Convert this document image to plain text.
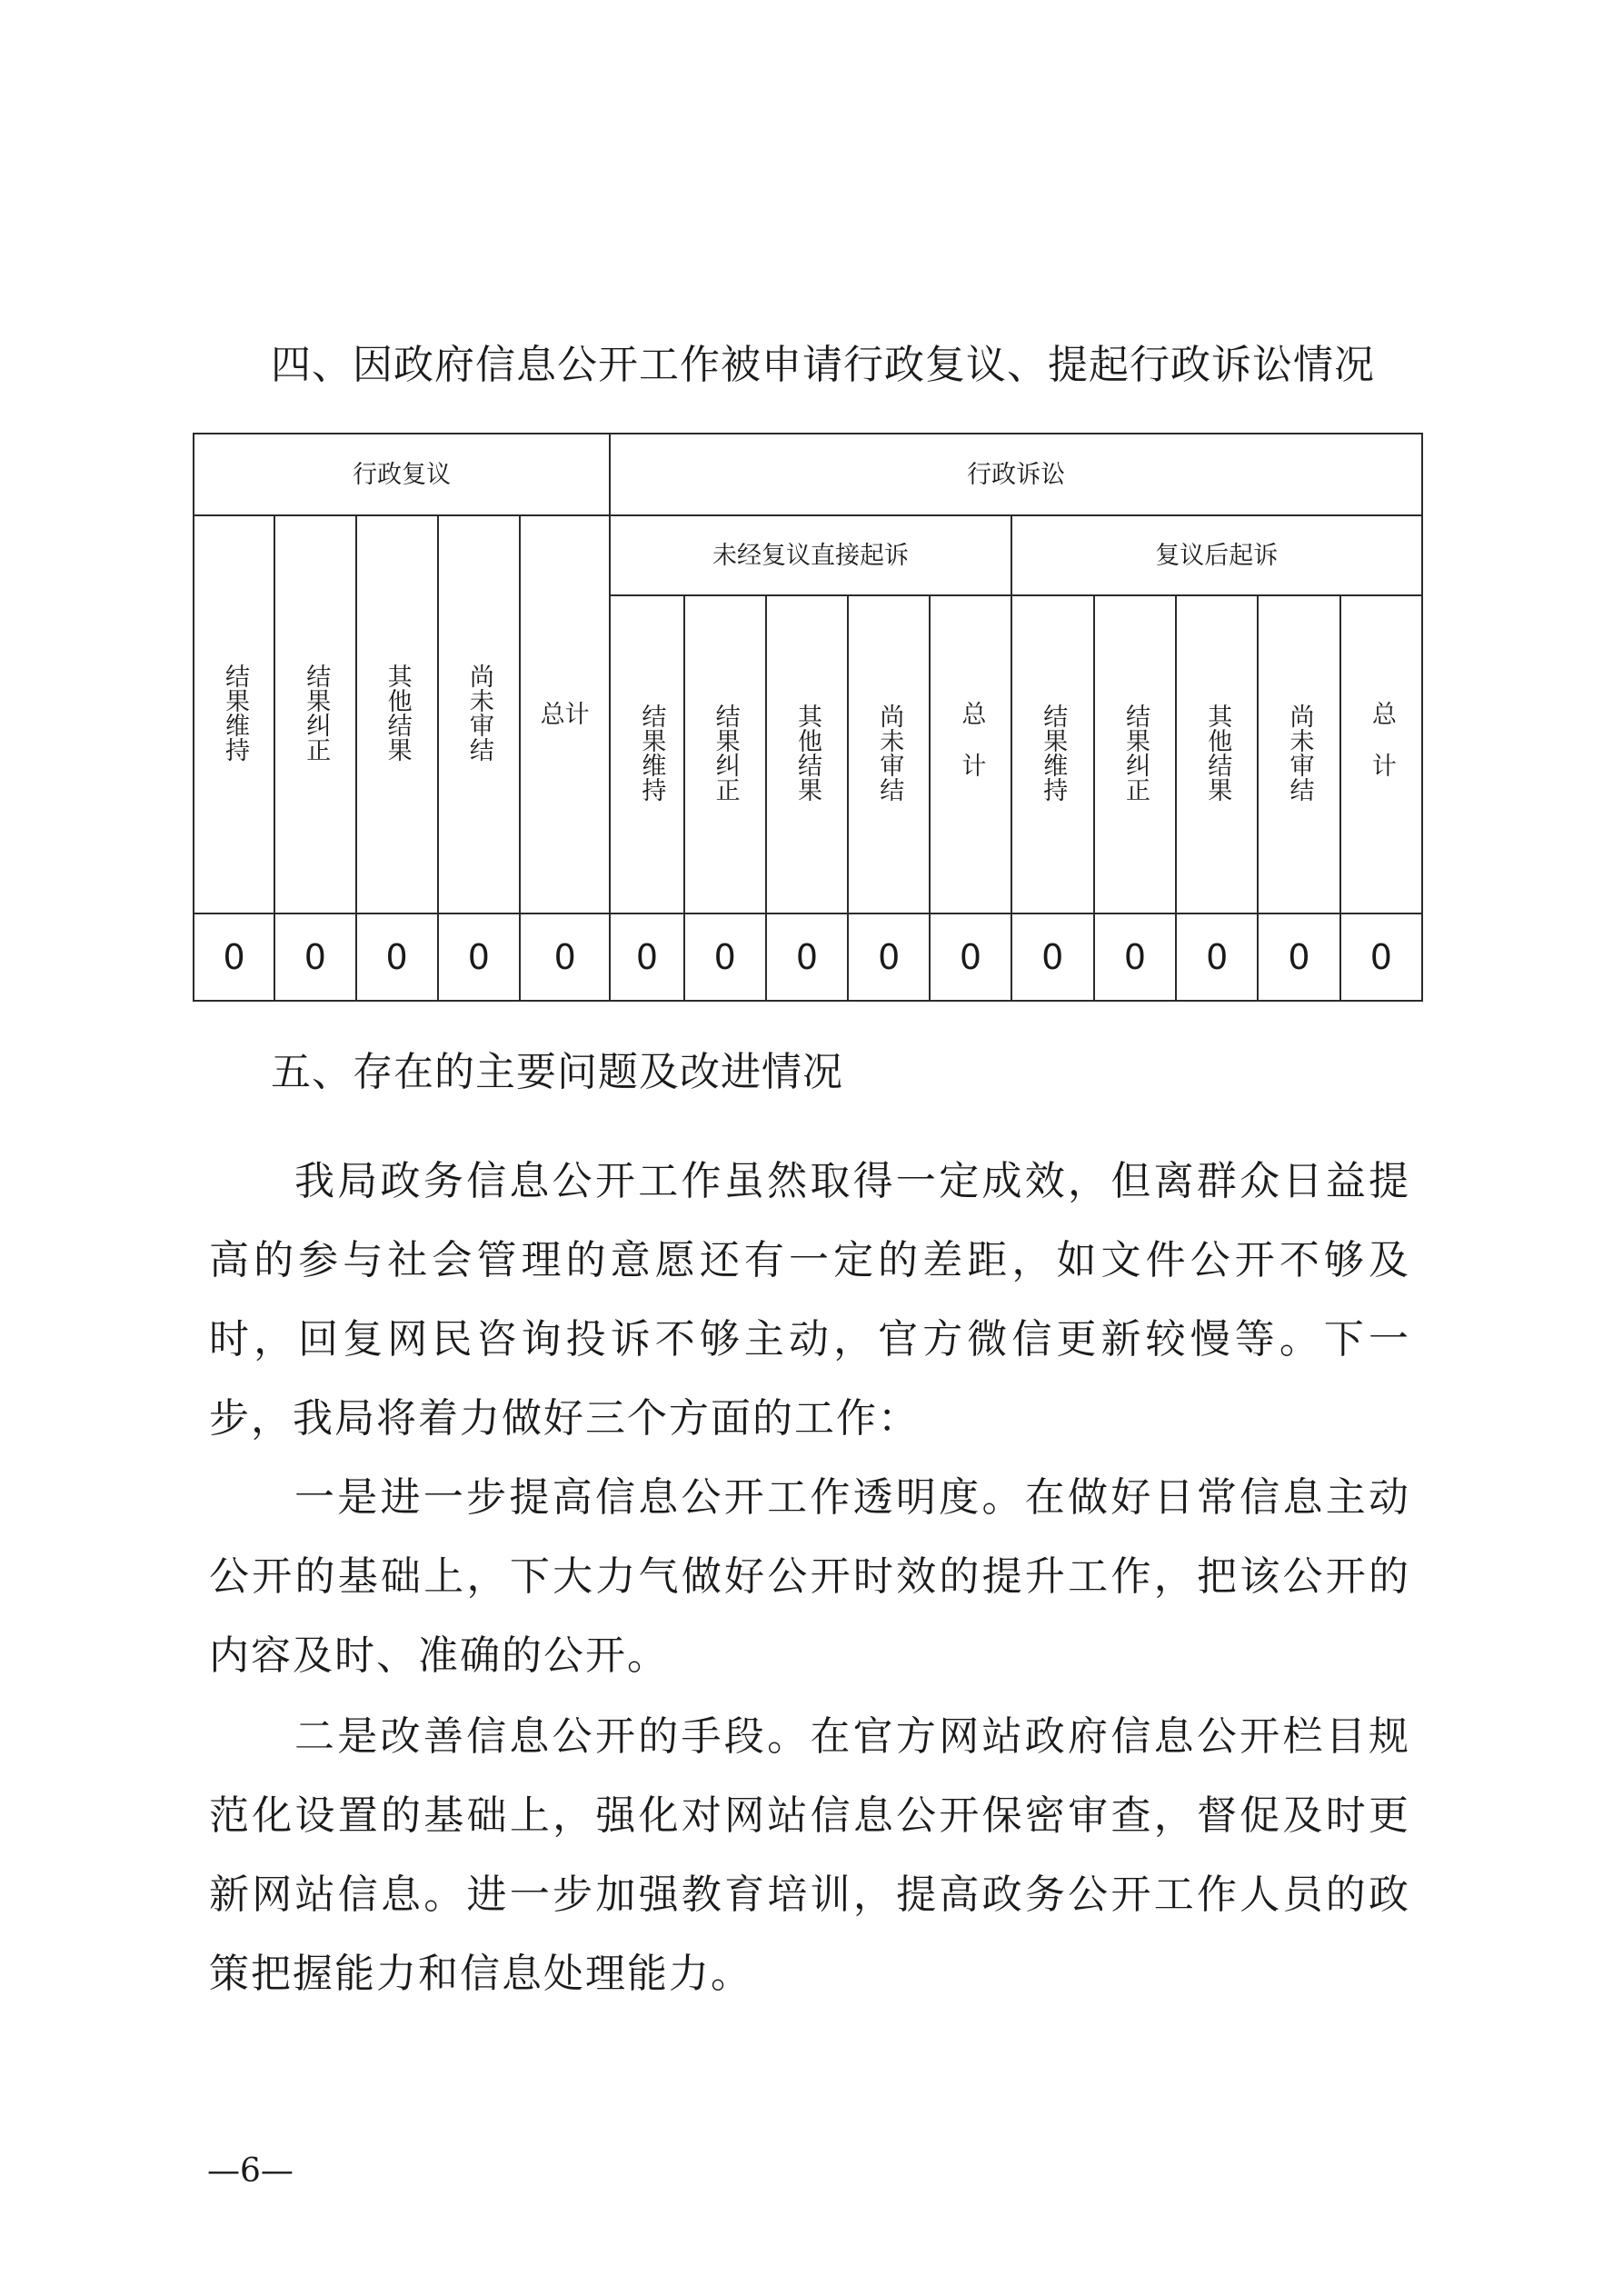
四、因政府信息公开工作被申请行政复议、提起行政诉讼情况
行政复议					行政诉讼									
结果维持	结果纠正	其他结果	尚未审结	总计	未经复议直接起诉					复议后起诉				
					结果维持	结果纠正	其他结果	尚未审结	总计	结果维持	结果纠正	其他结果	尚未审结	总计
0	0	0	0	0	0	0	0	0	0	0	0	0	0	0
五、存在的主要问题及改进情况

我局政务信息公开工作虽然取得一定成效，但离群众日益提高的参与社会管理的意愿还有一定的差距，如文件公开不够及时，回复网民咨询投诉不够主动，官方微信更新较慢等。下一步，我局将着力做好三个方面的工作：

一是进一步提高信息公开工作透明度。在做好日常信息主动公开的基础上，下大力气做好公开时效的提升工作，把该公开的内容及时、准确的公开。

二是改善信息公开的手段。在官方网站政府信息公开栏目规范化设置的基础上，强化对网站信息公开保密审查，督促及时更新网站信息。进一步加强教育培训，提高政务公开工作人员的政策把握能力和信息处理能力。

—6—
